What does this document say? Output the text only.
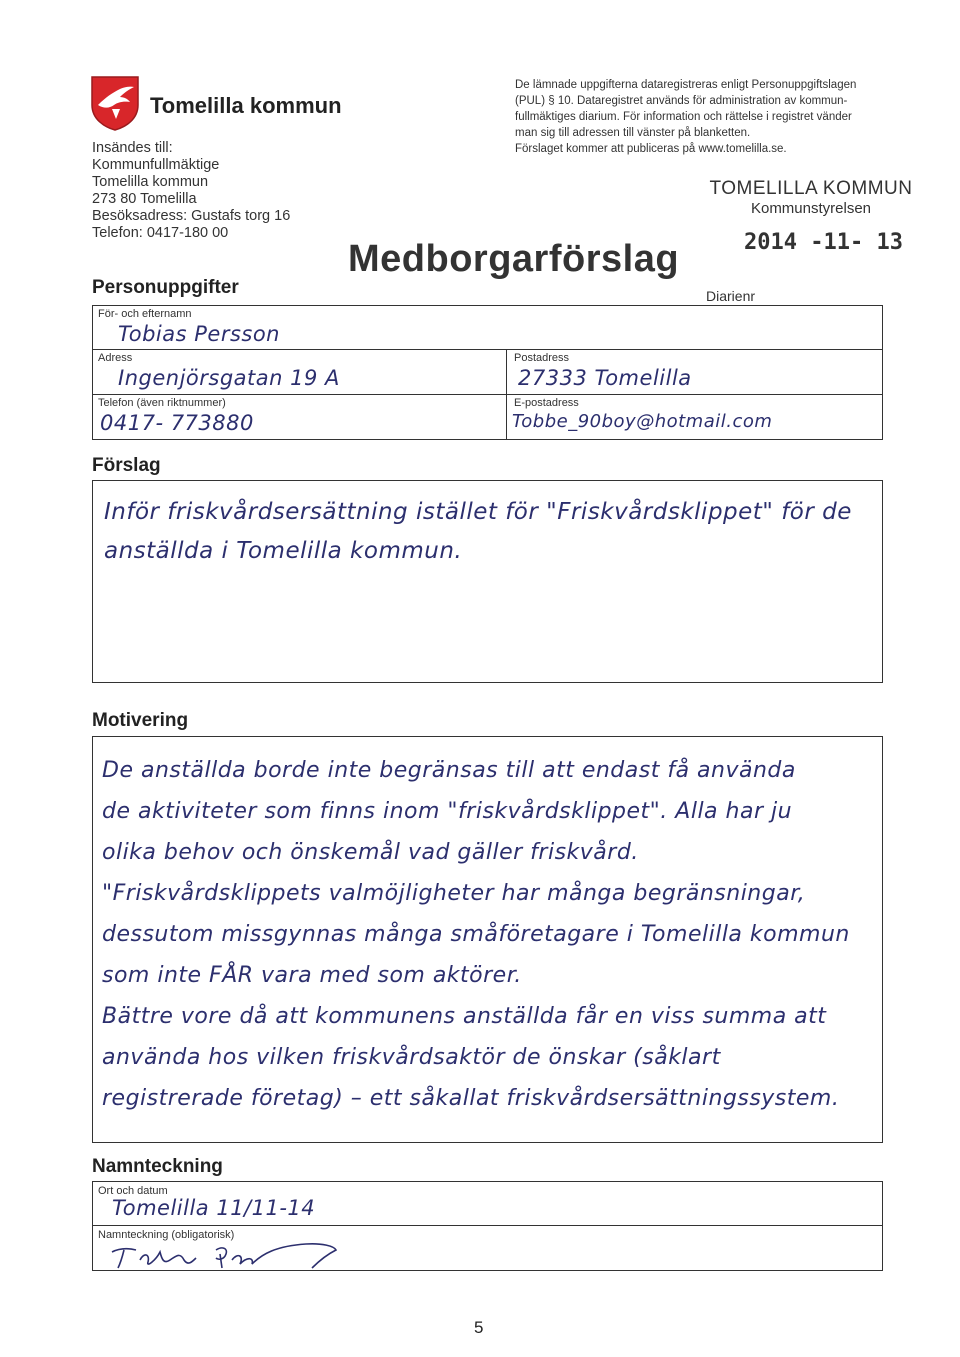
Tomelilla kommun
Insändes till:
Kommunfullmäktige
Tomelilla kommun
273 80 Tomelilla
Besöksadress: Gustafs torg 16
Telefon: 0417-180 00
De lämnade uppgifterna dataregistreras enligt Personuppgiftslagen
(PUL) § 10. Dataregistret används för administration av kommun-
fullmäktiges diarium. För information och rättelse i registret vänder
man sig till adressen till vänster på blanketten.
Förslaget kommer att publiceras på www.tomelilla.se.
TOMELILLA KOMMUN
Kommunstyrelsen
2014 -11- 13
Diarienr
Medborgarförslag
Personuppgifter
För- och efternamn
Tobias Persson
Adress
Ingenjörsgatan 19 A
Postadress
27333 Tomelilla
Telefon (även riktnummer)
0417- 773880
E-postadress
Tobbe_90boy@hotmail.com
Förslag
Inför friskvårdsersättning istället för "Friskvårdsklippet" för de
anställda i Tomelilla kommun.
Motivering
De anställda borde inte begränsas till att endast få använda
de aktiviteter som finns inom "friskvårdsklippet". Alla har ju
olika behov och önskemål vad gäller friskvård.
"Friskvårdsklippets valmöjligheter har många begränsningar,
dessutom missgynnas många småföretagare i Tomelilla kommun
som inte FÅR vara med som aktörer.
Bättre vore då att kommunens anställda får en viss summa att
använda hos vilken friskvårdsaktör de önskar (såklart
registrerade företag) – ett såkallat friskvårdsersättningssystem.
Namnteckning
Ort och datum
Tomelilla 11/11-14
Namnteckning (obligatorisk)
5
